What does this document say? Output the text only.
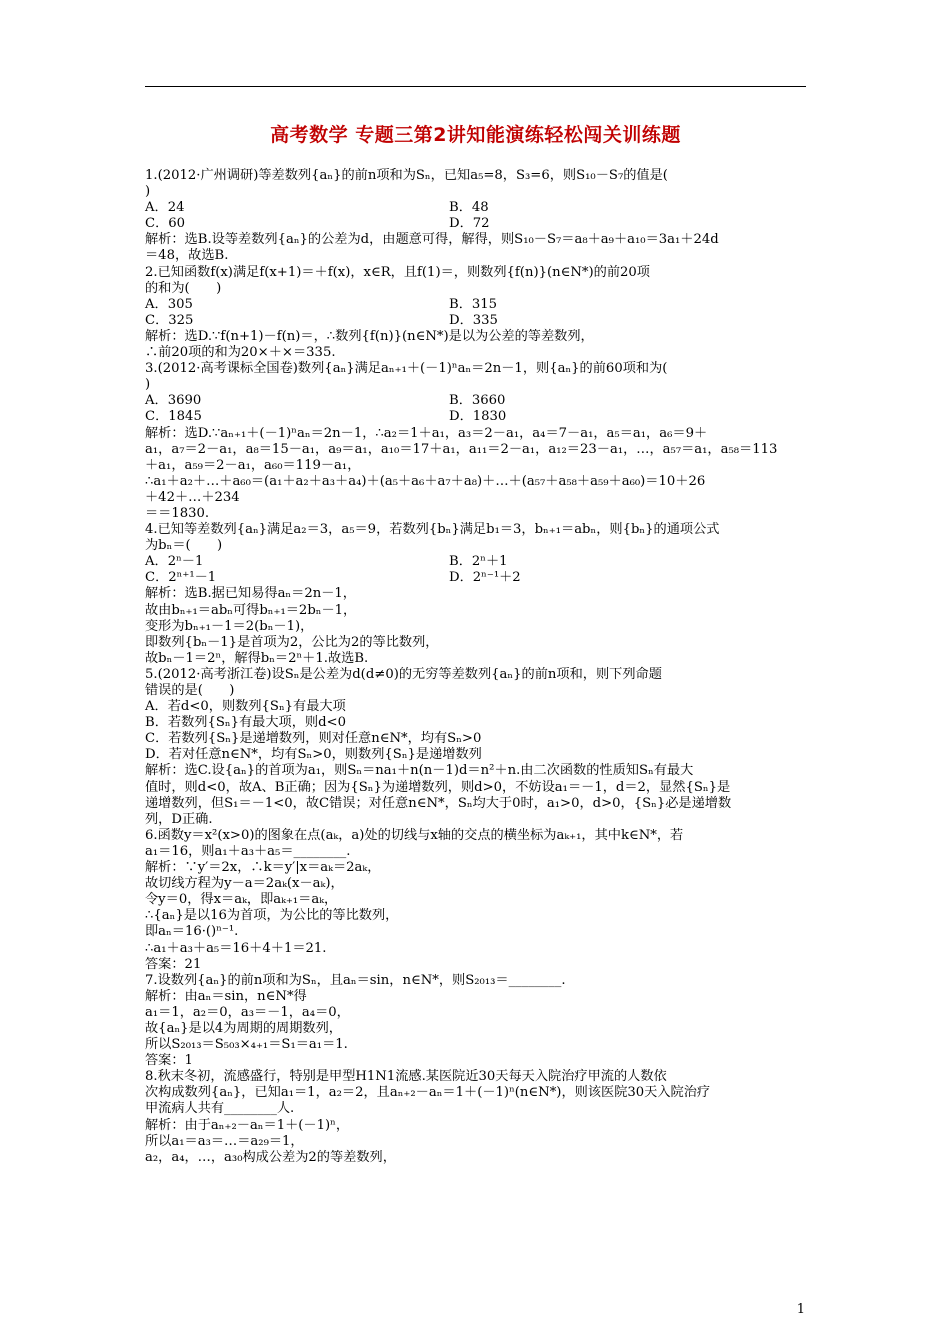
高考数学 专题三第2讲知能演练轻松闯关训练题
1.(2012·广州调研)等差数列{aₙ}的前n项和为Sₙ，已知a₅=8，S₃=6，则S₁₀－S₇的值是(
)
A．24	B．48
C．60	D．72
解析：选B.设等差数列{aₙ}的公差为d，由题意可得，解得，则S₁₀－S₇＝a₈＋a₉＋a₁₀＝3a₁＋24d
＝48，故选B.
2.已知函数f(x)满足f(x+1)＝＋f(x)，x∈R，且f(1)＝，则数列{f(n)}(n∈N*)的前20项
的和为(　　)
A．305	B．315
C．325	D．335
解析：选D.∵f(n+1)－f(n)＝，∴数列{f(n)}(n∈N*)是以为公差的等差数列，
∴前20项的和为20×＋×＝335.
3.(2012·高考课标全国卷)数列{aₙ}满足aₙ₊₁＋(－1)ⁿaₙ＝2n－1，则{aₙ}的前60项和为(
)
A．3690	B．3660
C．1845	D．1830
解析：选D.∵aₙ₊₁＋(－1)ⁿaₙ＝2n－1，∴a₂＝1＋a₁，a₃＝2－a₁，a₄＝7－a₁，a₅＝a₁，a₆＝9＋
a₁，a₇＝2－a₁，a₈＝15－a₁，a₉＝a₁，a₁₀＝17＋a₁，a₁₁＝2－a₁，a₁₂＝23－a₁，…，a₅₇＝a₁，a₅₈＝113
＋a₁，a₅₉＝2－a₁，a₆₀＝119－a₁，
∴a₁＋a₂＋…＋a₆₀＝(a₁＋a₂＋a₃＋a₄)＋(a₅＋a₆＋a₇＋a₈)＋…＋(a₅₇＋a₅₈＋a₅₉＋a₆₀)＝10＋26
＋42＋…＋234
＝＝1830.
4.已知等差数列{aₙ}满足a₂＝3，a₅＝9，若数列{bₙ}满足b₁＝3，bₙ₊₁＝abₙ，则{bₙ}的通项公式
为bₙ＝(　　)
A．2ⁿ－1	B．2ⁿ＋1
C．2ⁿ⁺¹－1	D．2ⁿ⁻¹＋2
解析：选B.据已知易得aₙ＝2n－1，
故由bₙ₊₁＝abₙ可得bₙ₊₁＝2bₙ－1，
变形为bₙ₊₁－1＝2(bₙ－1)，
即数列{bₙ－1}是首项为2，公比为2的等比数列，
故bₙ－1＝2ⁿ，解得bₙ＝2ⁿ＋1.故选B.
5.(2012·高考浙江卷)设Sₙ是公差为d(d≠0)的无穷等差数列{aₙ}的前n项和，则下列命题
错误的是(　　)
A．若d<0，则数列{Sₙ}有最大项
B．若数列{Sₙ}有最大项，则d<0
C．若数列{Sₙ}是递增数列，则对任意n∈N*，均有Sₙ>0
D．若对任意n∈N*，均有Sₙ>0，则数列{Sₙ}是递增数列
解析：选C.设{aₙ}的首项为a₁，则Sₙ＝na₁＋n(n－1)d＝n²＋n.由二次函数的性质知Sₙ有最大
值时，则d<0，故A、B正确；因为{Sₙ}为递增数列，则d>0，不妨设a₁＝－1，d＝2，显然{Sₙ}是
递增数列，但S₁＝－1<0，故C错误；对任意n∈N*，Sₙ均大于0时，a₁>0，d>0，{Sₙ}必是递增数
列，D正确.
6.函数y＝x²(x>0)的图象在点(aₖ，a)处的切线与x轴的交点的横坐标为aₖ₊₁，其中k∈N*，若
a₁＝16，则a₁＋a₃＋a₅＝________.
解析：∵y′＝2x，∴k＝y′|x＝aₖ＝2aₖ，
故切线方程为y－a＝2aₖ(x－aₖ)，
令y＝0，得x＝aₖ，即aₖ₊₁＝aₖ，
∴{aₙ}是以16为首项，为公比的等比数列，
即aₙ＝16·()ⁿ⁻¹.
∴a₁＋a₃＋a₅＝16＋4＋1＝21.
答案：21
7.设数列{aₙ}的前n项和为Sₙ，且aₙ＝sin，n∈N*，则S₂₀₁₃＝________.
解析：由aₙ＝sin，n∈N*得
a₁＝1，a₂＝0，a₃＝－1，a₄＝0，
故{aₙ}是以4为周期的周期数列，
所以S₂₀₁₃＝S₅₀₃×₄₊₁＝S₁＝a₁＝1.
答案：1
8.秋末冬初，流感盛行，特别是甲型H1N1流感.某医院近30天每天入院治疗甲流的人数依
次构成数列{aₙ}，已知a₁＝1，a₂＝2，且aₙ₊₂－aₙ＝1＋(－1)ⁿ(n∈N*)，则该医院30天入院治疗
甲流病人共有________人.
解析：由于aₙ₊₂－aₙ＝1＋(－1)ⁿ，
所以a₁＝a₃＝…＝a₂₉＝1，
a₂，a₄，…，a₃₀构成公差为2的等差数列，
1
